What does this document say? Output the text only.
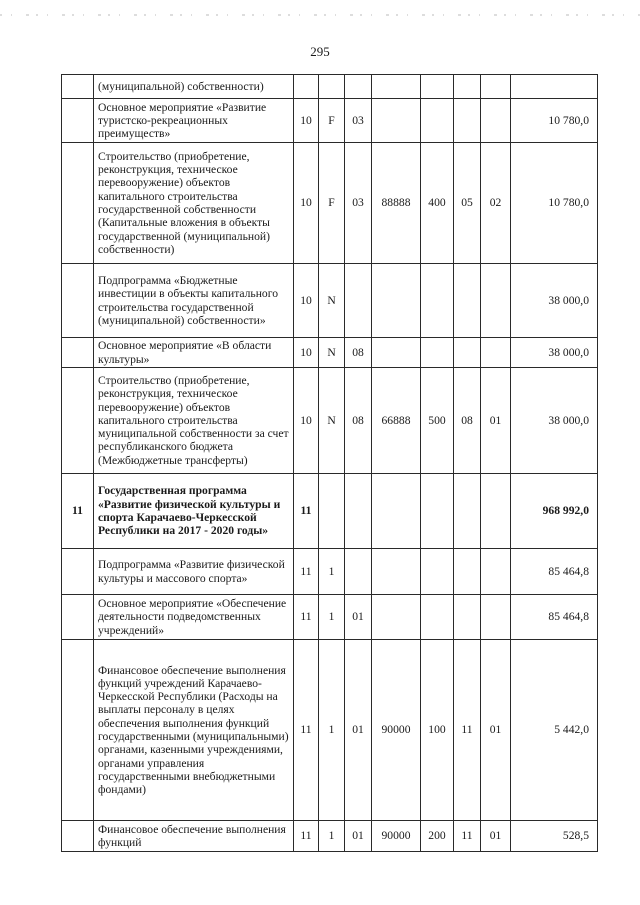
295
	(муниципальной) собственности)								
	Основное мероприятие «Развитие туристско-рекреационных преимуществ»	10	F	03					10 780,0
	Строительство (приобретение, реконструкция, техническое перевооружение) объектов капитального строительства государственной собственности (Капитальные вложения в объекты государственной (муниципальной) собственности)	10	F	03	88888	400	05	02	10 780,0
	Подпрограмма «Бюджетные инвестиции в объекты капитального строительства государственной (муниципальной) собственности»	10	N						38 000,0
	Основное мероприятие «В области культуры»	10	N	08					38 000,0
	Строительство (приобретение, реконструкция, техническое перевооружение) объектов капитального строительства муниципальной собственности за счет республиканского бюджета (Межбюджетные трансферты)	10	N	08	66888	500	08	01	38 000,0
11	Государственная программа «Развитие физической культуры и спорта Карачаево-Черкесской Республики на 2017 - 2020 годы»	11							968 992,0
	Подпрограмма «Развитие физической культуры и массового спорта»	11	1						85 464,8
	Основное мероприятие «Обеспечение деятельности подведомственных учреждений»	11	1	01					85 464,8
	Финансовое обеспечение выполнения функций учреждений Карачаево-Черкесской Республики (Расходы на выплаты персоналу в целях обеспечения выполнения функций государственными (муниципальными) органами, казенными учреждениями, органами управления государственными внебюджетными фондами)	11	1	01	90000	100	11	01	5 442,0
	Финансовое обеспечение выполнения функций	11	1	01	90000	200	11	01	528,5
